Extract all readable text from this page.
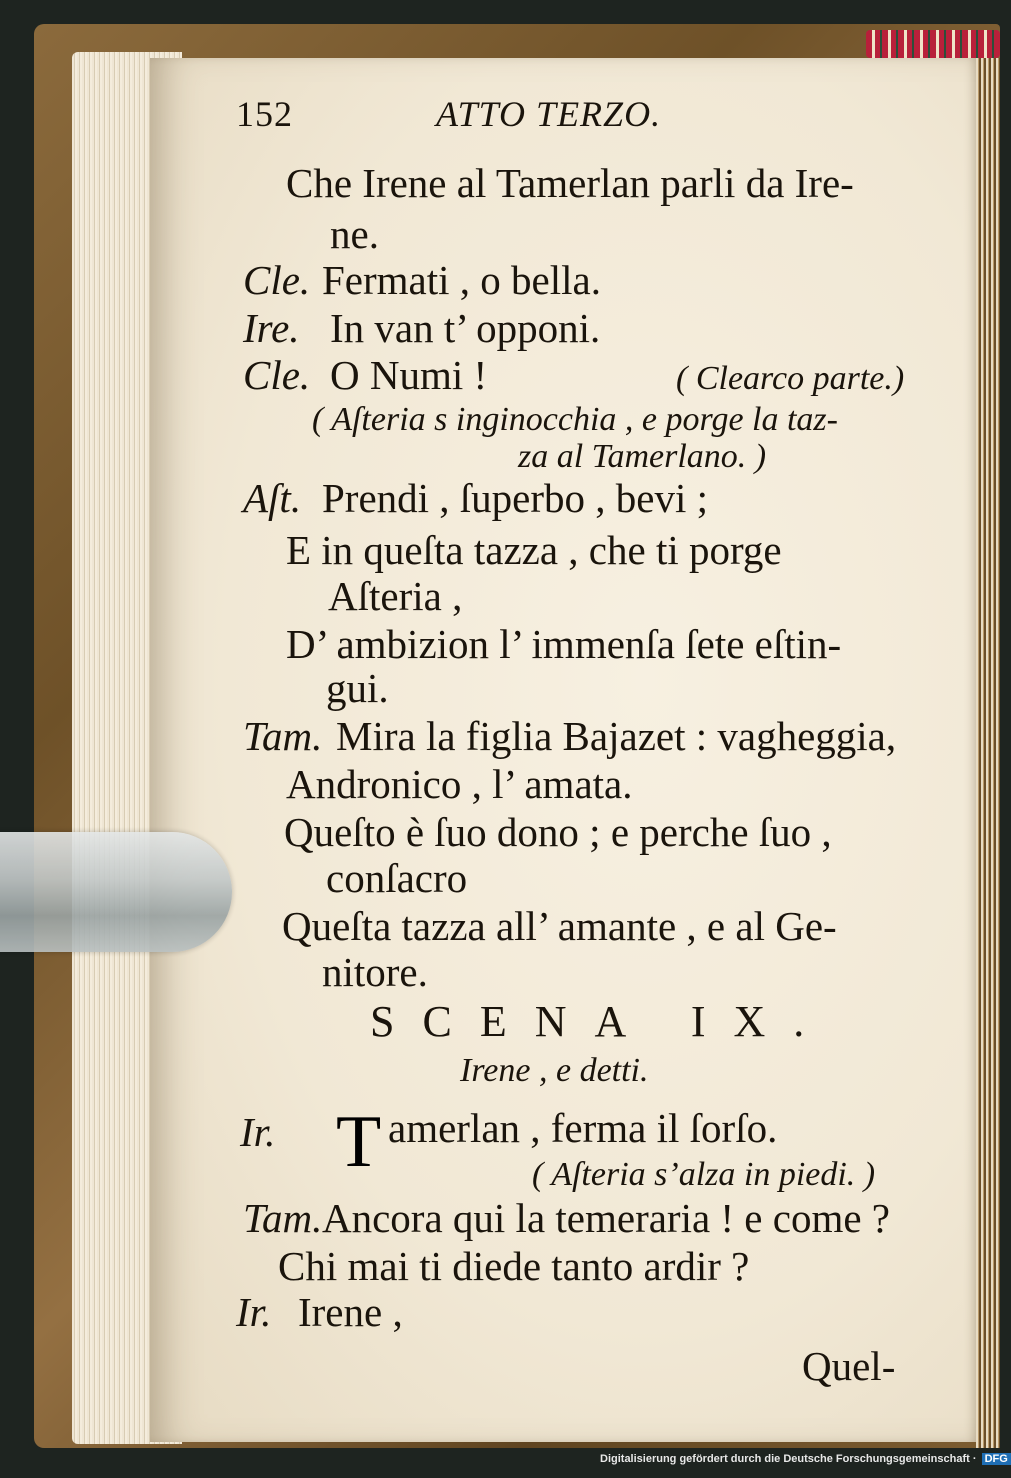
152	ATTO TERZO.
Che Irene al Tamerlan parli da Ire-
ne.
Cle. Fermati , o bella.
Ire. In van t’ opponi.
Cle. O Numi !	( Clearco parte.)
( Aſteria s inginocchia , e porge la taz-
za al Tamerlano. )
Aſt. Prendi , ſuperbo , bevi ;
E in queſta tazza , che ti porge
Aſteria ,
D’ ambizion l’ immenſa ſete eſtin-
gui.
Tam. Mira la figlia Bajazet : vagheggia,
Andronico , l’ amata.
Queſto è ſuo dono ; e perche ſuo ,
conſacro
Queſta tazza all’ amante , e al Ge-
nitore.
SCENA IX.
Irene , e detti.
Ir. T amerlan , ferma il ſorſo.
( Aſteria s’alza in piedi. )
Tam. Ancora qui la temeraria ! e come ?
Chi mai ti diede tanto ardir ?
Ir. Irene ,
Quel-
Digitalisierung gefördert durch die Deutsche Forschungsgemeinschaft · DFG
